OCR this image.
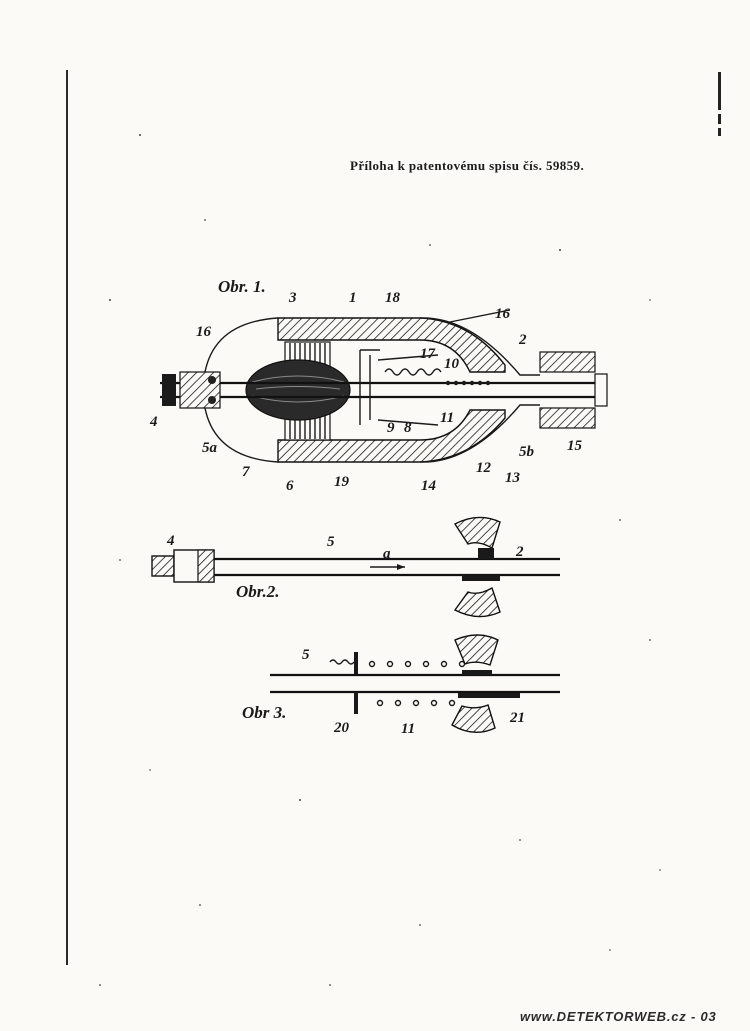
Příloha k patentovému spisu čís. 59859.
Obr. 1.
3	1 18
16
16
2
17
10
4	11
9 8
5a
7
19
5b 15
6	14
12
13
Obr.2.
4	5
a	2
Obr 3.
5
20	11
21
www.DETEKTORWEB.cz - 03
